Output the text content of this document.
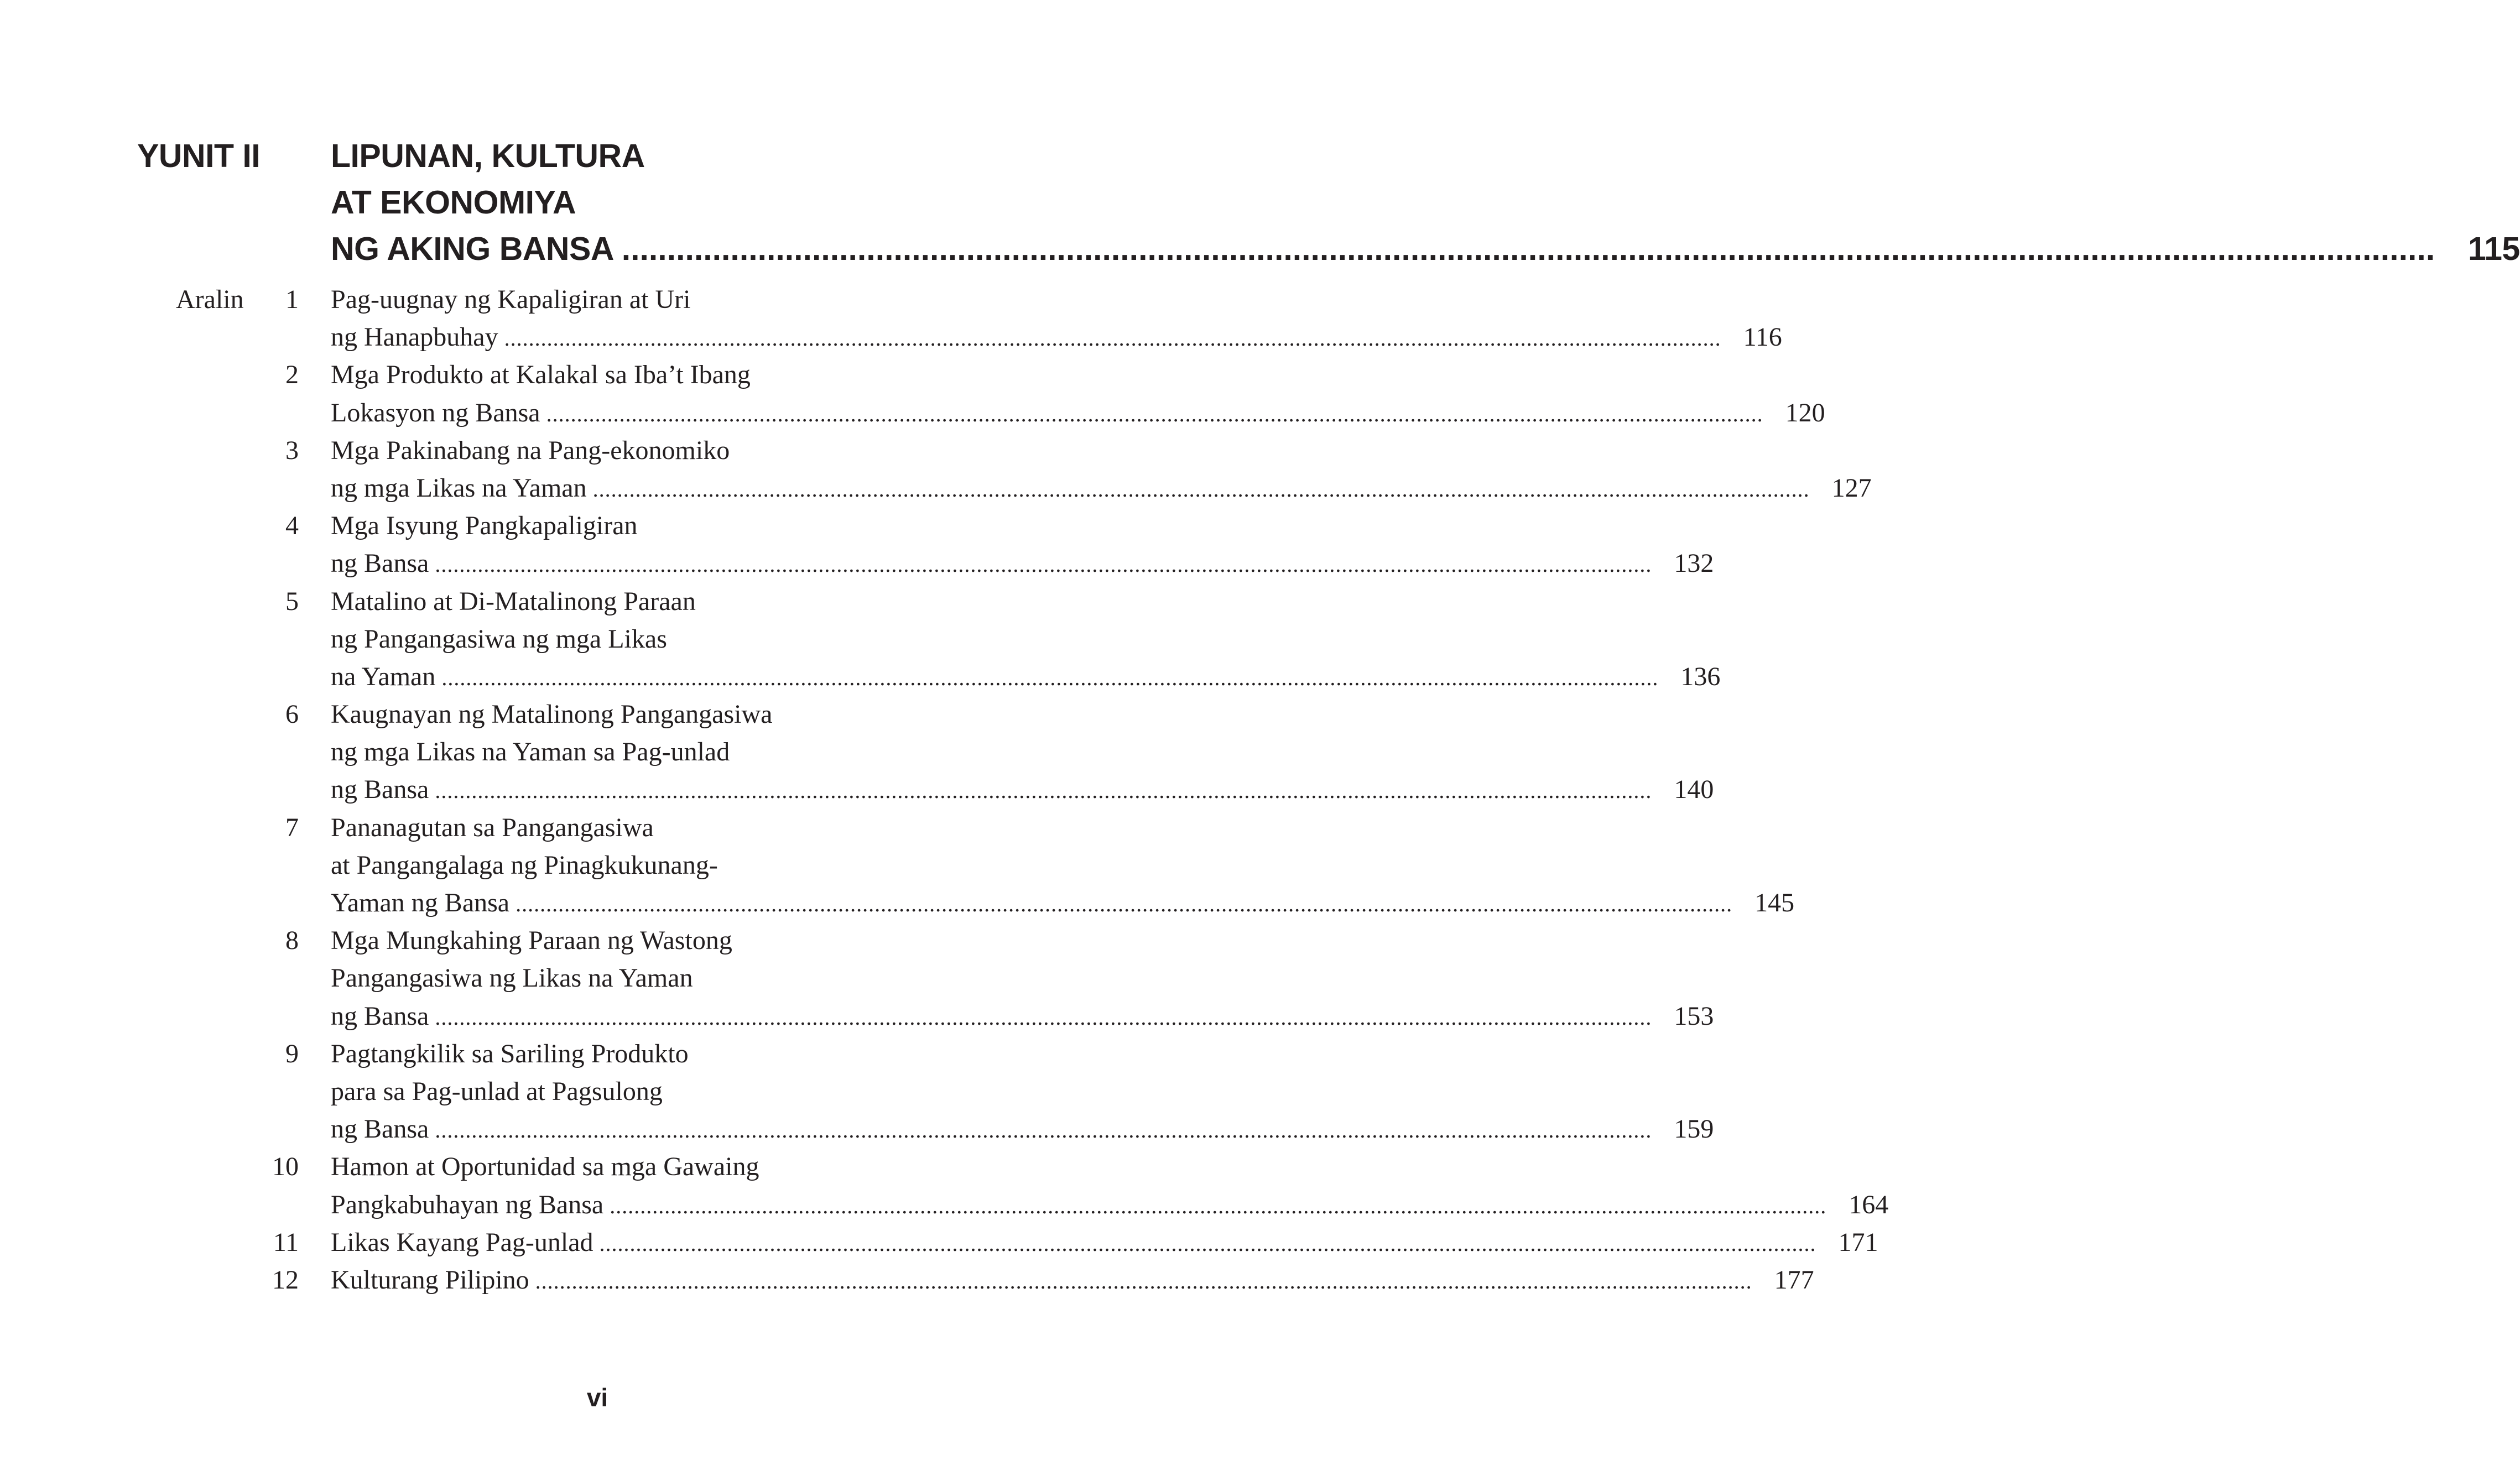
YUNIT II LIPUNAN, KULTURA
AT EKONOMIYA
NG AKING BANSA ........................................................................................................................................................................................................ 115
Aralin	1 Pag-uugnay ng Kapaligiran at Uri
ng Hanapbuhay ........................................................................................................................................................................................................ 116
2 Mga Produkto at Kalakal sa Iba’t Ibang
Lokasyon ng Bansa ........................................................................................................................................................................................................ 120
3 Mga Pakinabang na Pang-ekonomiko
ng mga Likas na Yaman ........................................................................................................................................................................................................ 127
4 Mga Isyung Pangkapaligiran
ng Bansa ........................................................................................................................................................................................................ 132
5 Matalino at Di-Matalinong Paraan
ng Pangangasiwa ng mga Likas
na Yaman ........................................................................................................................................................................................................ 136
6 Kaugnayan ng Matalinong Pangangasiwa
ng mga Likas na Yaman sa Pag-unlad
ng Bansa ........................................................................................................................................................................................................ 140
7 Pananagutan sa Pangangasiwa
at Pangangalaga ng Pinagkukunang-
Yaman ng Bansa ........................................................................................................................................................................................................ 145
8 Mga Mungkahing Paraan ng Wastong
Pangangasiwa ng Likas na Yaman
ng Bansa ........................................................................................................................................................................................................ 153
9 Pagtangkilik sa Sariling Produkto
para sa Pag-unlad at Pagsulong
ng Bansa ........................................................................................................................................................................................................ 159
10 Hamon at Oportunidad sa mga Gawaing
Pangkabuhayan ng Bansa ........................................................................................................................................................................................................ 164
11 Likas Kayang Pag-unlad ........................................................................................................................................................................................................ 171
12 Kulturang Pilipino ........................................................................................................................................................................................................ 177
vi
